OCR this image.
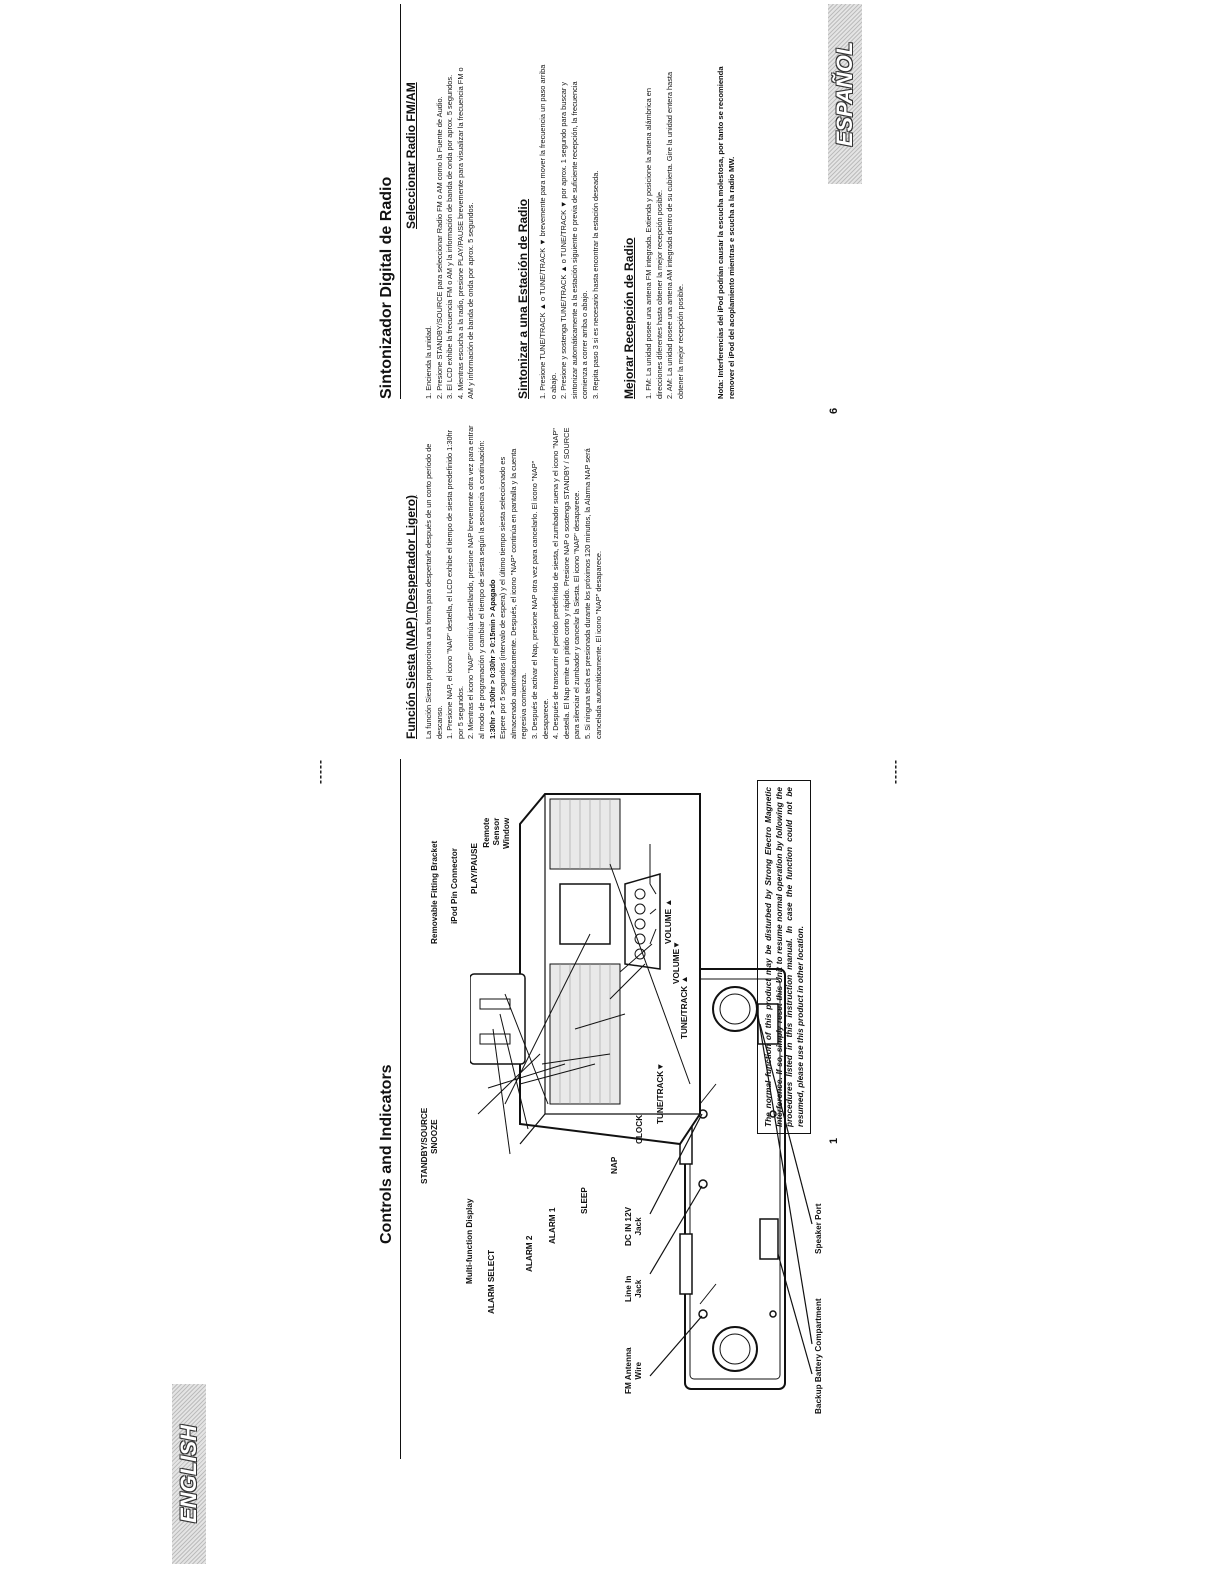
ENGLISH
Controls and Indicators
FM Antenna Wire
Line In Jack
DC IN 12V Jack
Backup Battery Compartment
Speaker Port
STANDBY/SOURCE SNOOZE
Multi-function Display ALARM SELECT	ALARM 2
ALARM 1
SLEEP
NAP
CLOCK
TUNE/TRACK▼
TUNE/TRACK ▲
VOLUME▼
VOLUME ▲
Removable Fitting Bracket iPod Pin Connector PLAY/PAUSE
Remote Sensor Window	The normal function of this product may be disturbed by Strong Electro Magnetic Interference. If so, simply reset this Unit to resume normal operation by following the procedures listed in this instruction manual. In case the function could not be resumed, please use this product in other location.
1
-----	-----
Función Siesta (NAP) (Despertador Ligero) La función Siesta proporciona una forma para despertarle después de un corto período de descanso. 1. Presione NAP, el icono "NAP" destella, el LCD exhibe el tiempo de siesta predefinido 1:30hr por 5 segundos. 2. Mientras el icono "NAP" continúa destellando, presione NAP brevemente otra vez para entrar al modo de programación y cambiar el tiempo de siesta según la secuencia a continuación: 1:30hr > 1:00hr > 0:30hr > 0:15min > Apagado Espere por 5 segundos (intervalo de espera) y el último tiempo siesta seleccionado es almacenado automáticamente. Después, el icono "NAP" continúa en pantalla y la cuenta regresiva comienza. 3. Después de activar el Nap, presione NAP otra vez para cancelarlo. El icono "NAP" desaparece. 4. Después de transcurrir el período predefinido de siesta, el zumbador suena y el icono "NAP" destella. El Nap emite un pitido corto y rápido. Presione NAP o sostenga STANDBY / SOURCE para silenciar el zumbador y cancelar la Siesta. El icono "NAP" desaparece. 5. Si ninguna tecla es presionada durante los próximos 120 minutos, la Alarma NAP será cancelada automáticamente. El icono "NAP" desaparece.
Sintonizador Digital de Radio
Seleccionar Radio FM/AM
1. Encienda la unidad. 2. Presione STANDBY/SOURCE para seleccionar Radio FM o AM como la Fuente de Audio. 3. El LCD exhibe la frecuencia FM o AM y la información de banda de onda por aprox. 5 segundos. 4. Mientras escucha a la radio, presione PLAY/PAUSE brevemente para visualizar la frecuencia FM o AM y información de banda de onda por aprox. 5 segundos.	Sintonizar a una Estación de Radio 1. Presione TUNE/TRACK ▲ o TUNE/TRACK ▼ brevemente para mover la frecuencia un paso arriba o abajo. 2. Presione y sostenga TUNE/TRACK ▲ o TUNE/TRACK ▼ por aprox. 1 segundo para buscar y sintonizar automáticamente a la estación siguiente o previa de suficiente recepción, la frecuencia comienza a correr arriba o abajo. 3. Repita paso 3 si es necesario hasta encontrar la estación deseada. Mejorar Recepción de Radio 1. FM: La unidad posee una antena FM integrada. Extienda y posicione la antena alámbrica en direcciones diferentes hasta obtener la mejor recepción posible. 2. AM: La unidad posee una antena AM integrada dentro de su cubierta. Gire la unidad entera hasta obtener la mejor recepción posible.	Nota: Interferencias del iPod podrían causar la escucha molestosa, por tanto se recomienda remover el iPod del acoplamiento mientras e scucha a la radio MW.
6
ESPAÑOL
